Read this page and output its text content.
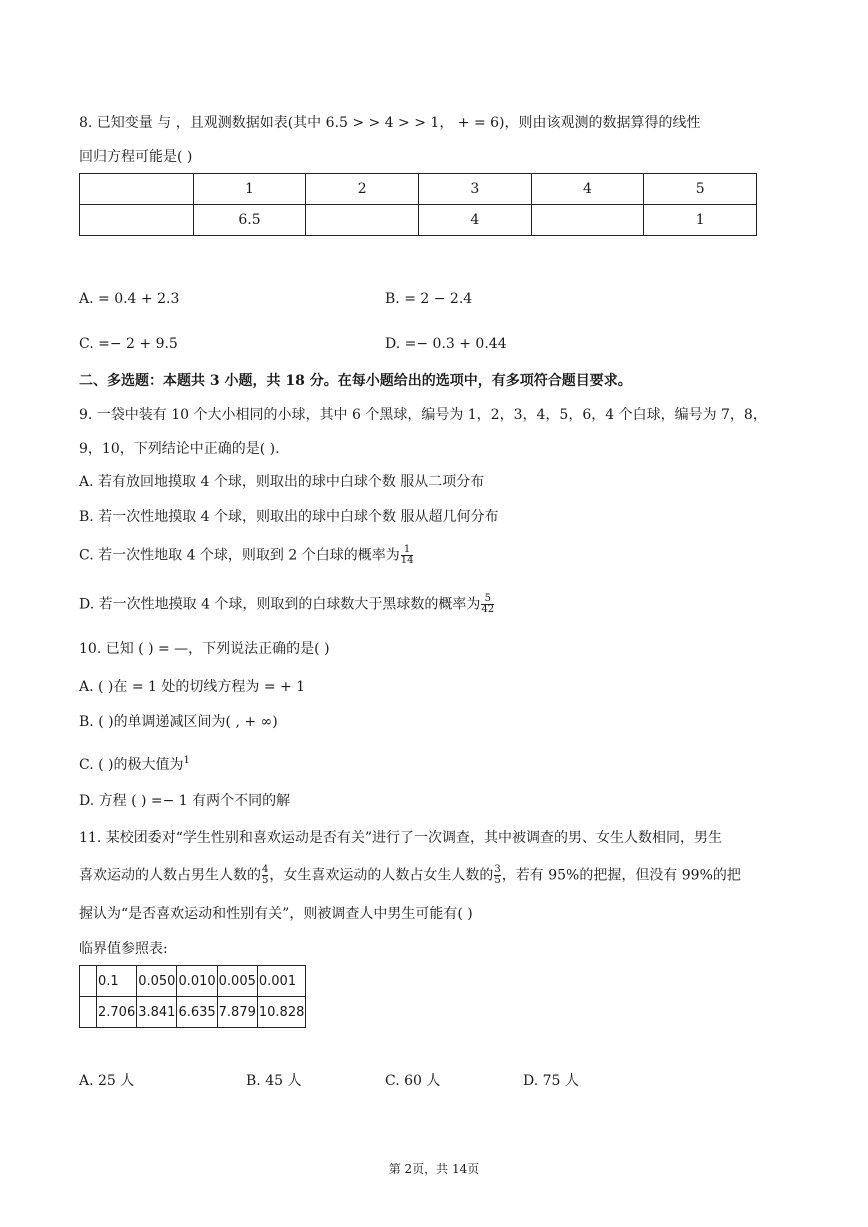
8. 已知变量 与 ，且观测数据如表(其中 6.5 > > 4 > > 1， + = 6)，则由该观测的数据算得的线性
回归方程可能是( )
	1	2	3	4	5
	6.5		4		1
A. = 0.4 + 2.3	B. = 2 − 2.4
C. =− 2 + 9.5	D. =− 0.3 + 0.44
二、多选题：本题共 3 小题，共 18 分。在每小题给出的选项中，有多项符合题目要求。
9. 一袋中装有 10 个大小相同的小球，其中 6 个黑球，编号为 1，2，3，4，5，6，4 个白球，编号为 7，8，
9，10，下列结论中正确的是( ).
A. 若有放回地摸取 4 个球，则取出的球中白球个数 服从二项分布
B. 若一次性地摸取 4 个球，则取出的球中白球个数 服从超几何分布
C. 若一次性地取 4 个球，则取到 2 个白球的概率为 $\frac{1}{14}$
D. 若一次性地摸取 4 个球，则取到的白球数大于黑球数的概率为 $\frac{5}{42}$
10. 已知 ( ) = —，下列说法正确的是( )
A. ( )在 = 1 处的切线方程为 = + 1
B. ( )的单调递减区间为( , + ∞)
C. ( )的极大值为$^1$
D. 方程 ( ) =− 1 有两个不同的解
11. 某校团委对“学生性别和喜欢运动是否有关”进行了一次调查，其中被调查的男、女生人数相同，男生
喜欢运动的人数占男生人数的 $\frac{4}{5}$ ，女生喜欢运动的人数占女生人数的 $\frac{3}{5}$ ，若有 95%的把握，但没有 99%的把
握认为“是否喜欢运动和性别有关”，则被调查人中男生可能有( )
临界值参照表:
	0.1	0.050	0.010	0.005	0.001
	2.706	3.841	6.635	7.879	10.828
A. 25 人	B. 45 人	C. 60 人	D. 75 人
第 2页，共 14页
